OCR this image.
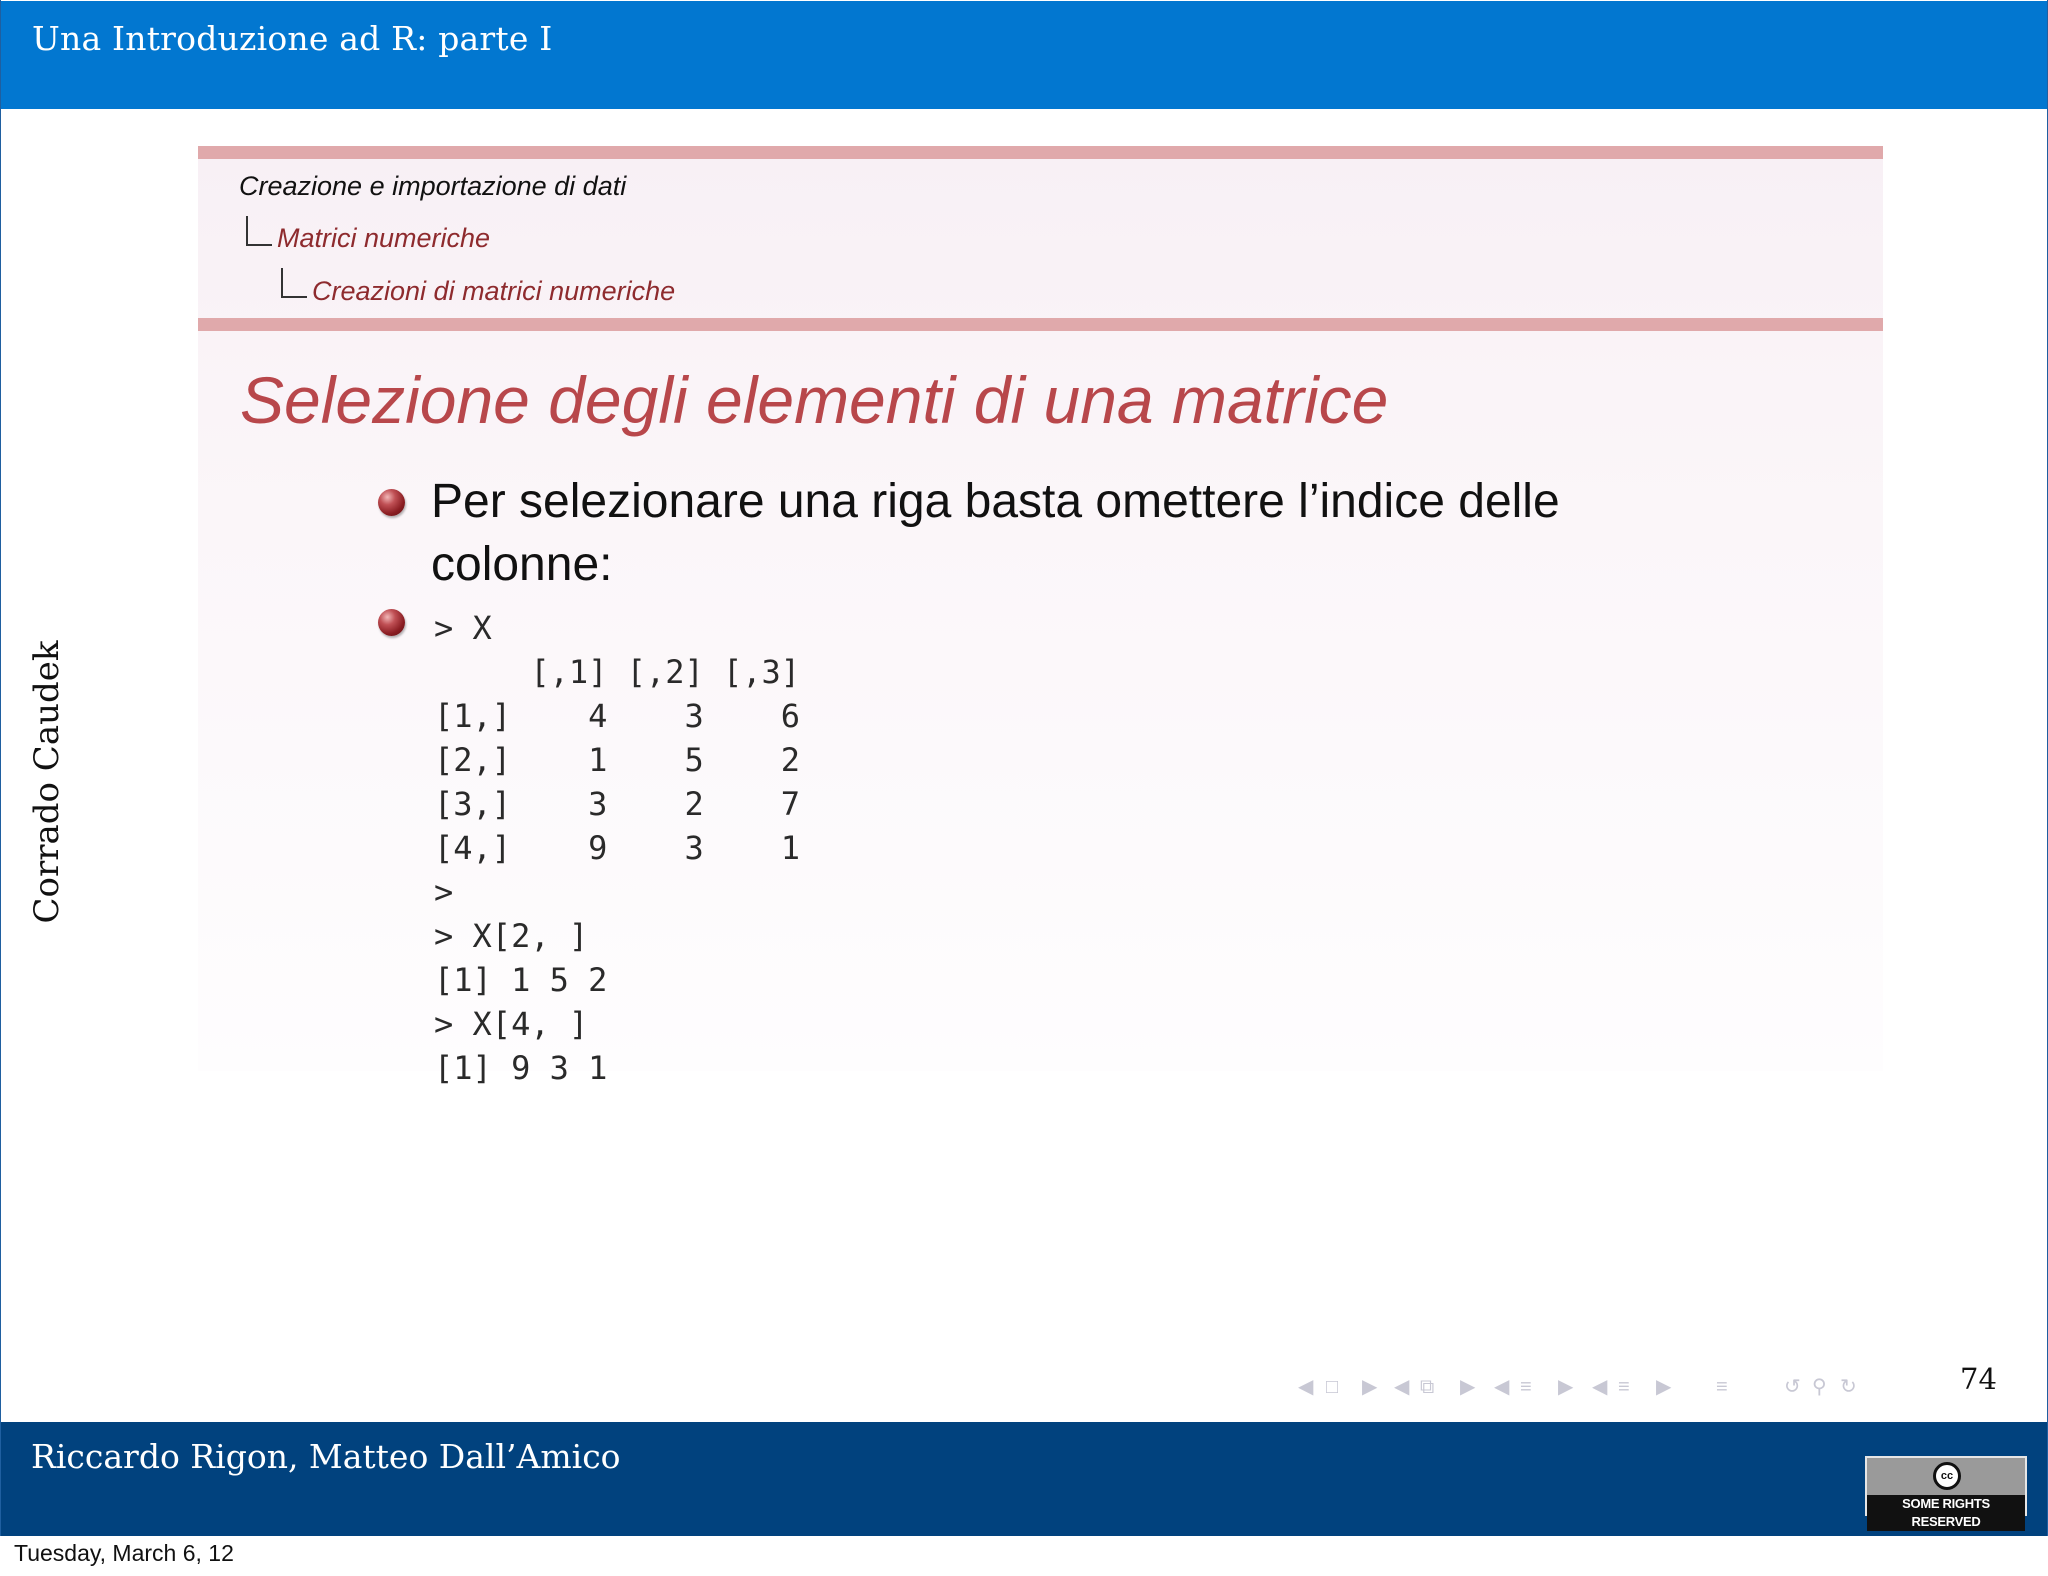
Una Introduzione ad R: parte I
Corrado Caudek
Creazione e importazione di dati
Matrici numeriche
Creazioni di matrici numeriche
Selezione degli elementi di una matrice
Per selezionare una riga basta omettere l’indice delle colonne:
> X
[,1] [,2] [,3]
[1,]    4    3    6
[2,]    1    5    2
[3,]    3    2    7
[4,]    9    3    1
>
> X[2, ]
[1] 1 5 2
> X[4, ]
[1] 9 3 1
◀ □ ▶ ◀ ⧉ ▶ ◀ ≡ ▶ ◀ ≡ ▶ ≡	↺ ⚲ ↻	74
Riccardo Rigon, Matteo Dall’Amico	cc
SOME RIGHTS RESERVED
Tuesday, March 6, 12
